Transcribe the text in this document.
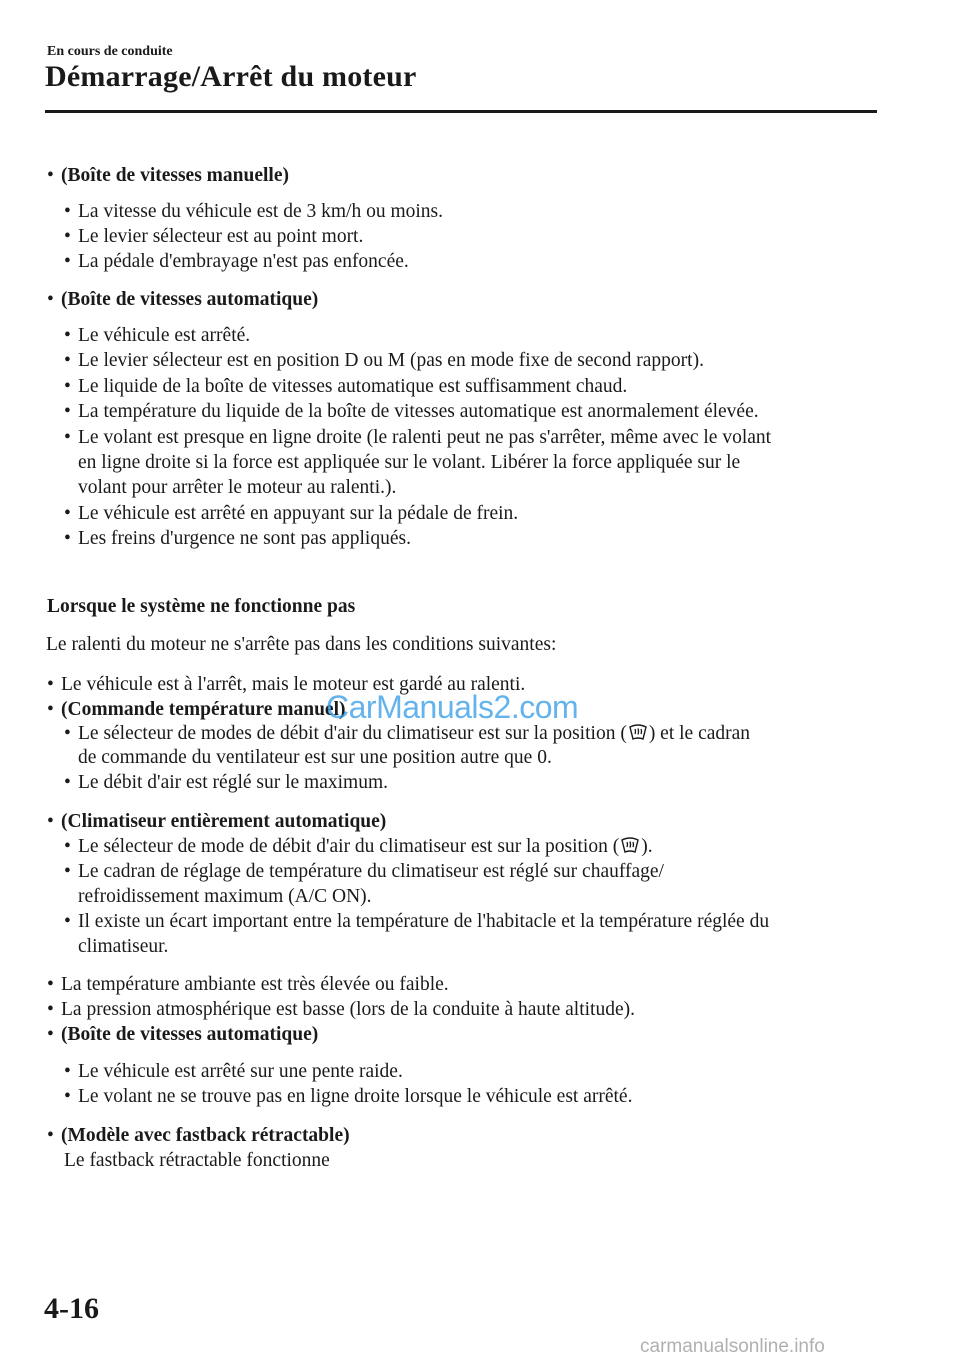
En cours de conduite
Démarrage/Arrêt du moteur
• (Boîte de vitesses manuelle)
• La vitesse du véhicule est de 3 km/h ou moins.
• Le levier sélecteur est au point mort.
• La pédale d'embrayage n'est pas enfoncée.
• (Boîte de vitesses automatique)
• Le véhicule est arrêté.
• Le levier sélecteur est en position D ou M (pas en mode fixe de second rapport).
• Le liquide de la boîte de vitesses automatique est suffisamment chaud.
• La température du liquide de la boîte de vitesses automatique est anormalement élevée.
• Le volant est presque en ligne droite (le ralenti peut ne pas s'arrêter, même avec le volant
en ligne droite si la force est appliquée sur le volant. Libérer la force appliquée sur le
volant pour arrêter le moteur au ralenti.).
• Le véhicule est arrêté en appuyant sur la pédale de frein.
• Les freins d'urgence ne sont pas appliqués.
Lorsque le système ne fonctionne pas
Le ralenti du moteur ne s'arrête pas dans les conditions suivantes:
• Le véhicule est à l'arrêt, mais le moteur est gardé au ralenti.
• (Commande température manuel)
• Le sélecteur de modes de débit d'air du climatiseur est sur la position ( ) et le cadran
de commande du ventilateur est sur une position autre que 0.
• Le débit d'air est réglé sur le maximum.
• (Climatiseur entièrement automatique)
• Le sélecteur de mode de débit d'air du climatiseur est sur la position ( ).
• Le cadran de réglage de température du climatiseur est réglé sur chauffage/
refroidissement maximum (A/C ON).
• Il existe un écart important entre la température de l'habitacle et la température réglée du
climatiseur.
• La température ambiante est très élevée ou faible.
• La pression atmosphérique est basse (lors de la conduite à haute altitude).
• (Boîte de vitesses automatique)
• Le véhicule est arrêté sur une pente raide.
• Le volant ne se trouve pas en ligne droite lorsque le véhicule est arrêté.
• (Modèle avec fastback rétractable)
Le fastback rétractable fonctionne
CarManuals2.com
4-16
carmanualsonline.info
